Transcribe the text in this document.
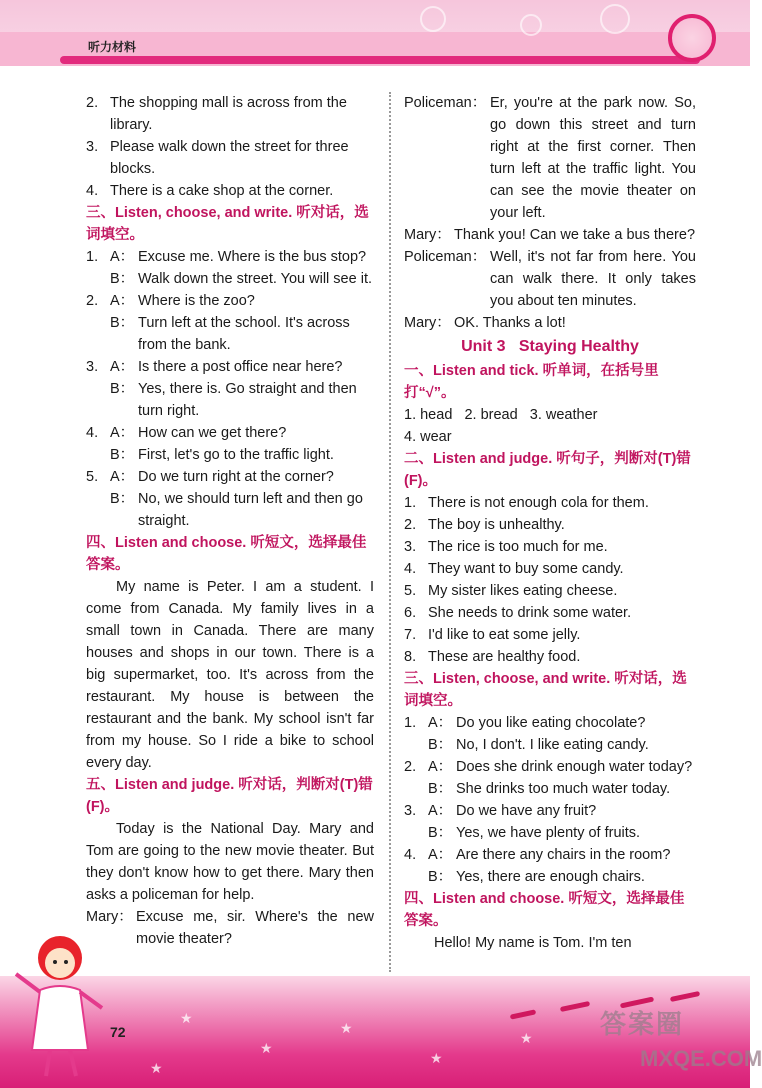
听力材料
2. The shopping mall is across from the library.
3. Please walk down the street for three blocks.
4. There is a cake shop at the corner.
三、Listen, choose, and write. 听对话，选词填空。
1. A： Excuse me. Where is the bus stop?
B： Walk down the street. You will see it.
2. A： Where is the zoo?
B： Turn left at the school. It's across from the bank.
3. A： Is there a post office near here?
B： Yes, there is. Go straight and then turn right.
4. A： How can we get there?
B： First, let's go to the traffic light.
5. A： Do we turn right at the corner?
B： No, we should turn left and then go straight.
四、Listen and choose. 听短文，选择最佳答案。
My name is Peter. I am a student. I come from Canada. My family lives in a small town in Canada. There are many houses and shops in our town. There is a big supermarket, too. It's across from the restaurant. My house is between the restaurant and the bank. My school isn't far from my house. So I ride a bike to school every day.
五、Listen and judge. 听对话，判断对(T)错(F)。
Today is the National Day. Mary and Tom are going to the new movie theater. But they don't know how to get there. Mary then asks a policeman for help.
Mary： Excuse me, sir. Where's the new movie theater?
Policeman： Er, you're at the park now. So, go down this street and turn right at the first corner. Then turn left at the traffic light. You can see the movie theater on your left.
Mary： Thank you! Can we take a bus there?
Policeman： Well, it's not far from here. You can walk there. It only takes you about ten minutes.
Mary： OK. Thanks a lot!
Unit 3   Staying Healthy
一、Listen and tick. 听单词，在括号里打“√”。
1. head   2. bread   3. weather
4. wear
二、Listen and judge. 听句子，判断对(T)错(F)。
1. There is not enough cola for them.
2. The boy is unhealthy.
3. The rice is too much for me.
4. They want to buy some candy.
5. My sister likes eating cheese.
6. She needs to drink some water.
7. I'd like to eat some jelly.
8. These are healthy food.
三、Listen, choose, and write. 听对话，选词填空。
1. A： Do you like eating chocolate?
B： No, I don't. I like eating candy.
2. A： Does she drink enough water today?
B： She drinks too much water today.
3. A： Do we have any fruit?
B： Yes, we have plenty of fruits.
4. A： Are there any chairs in the room?
B： Yes, there are enough chairs.
四、Listen and choose. 听短文，选择最佳答案。
Hello! My name is Tom. I'm ten
★
★
★
★
★
★
72	答案圈
MXQE.COM
